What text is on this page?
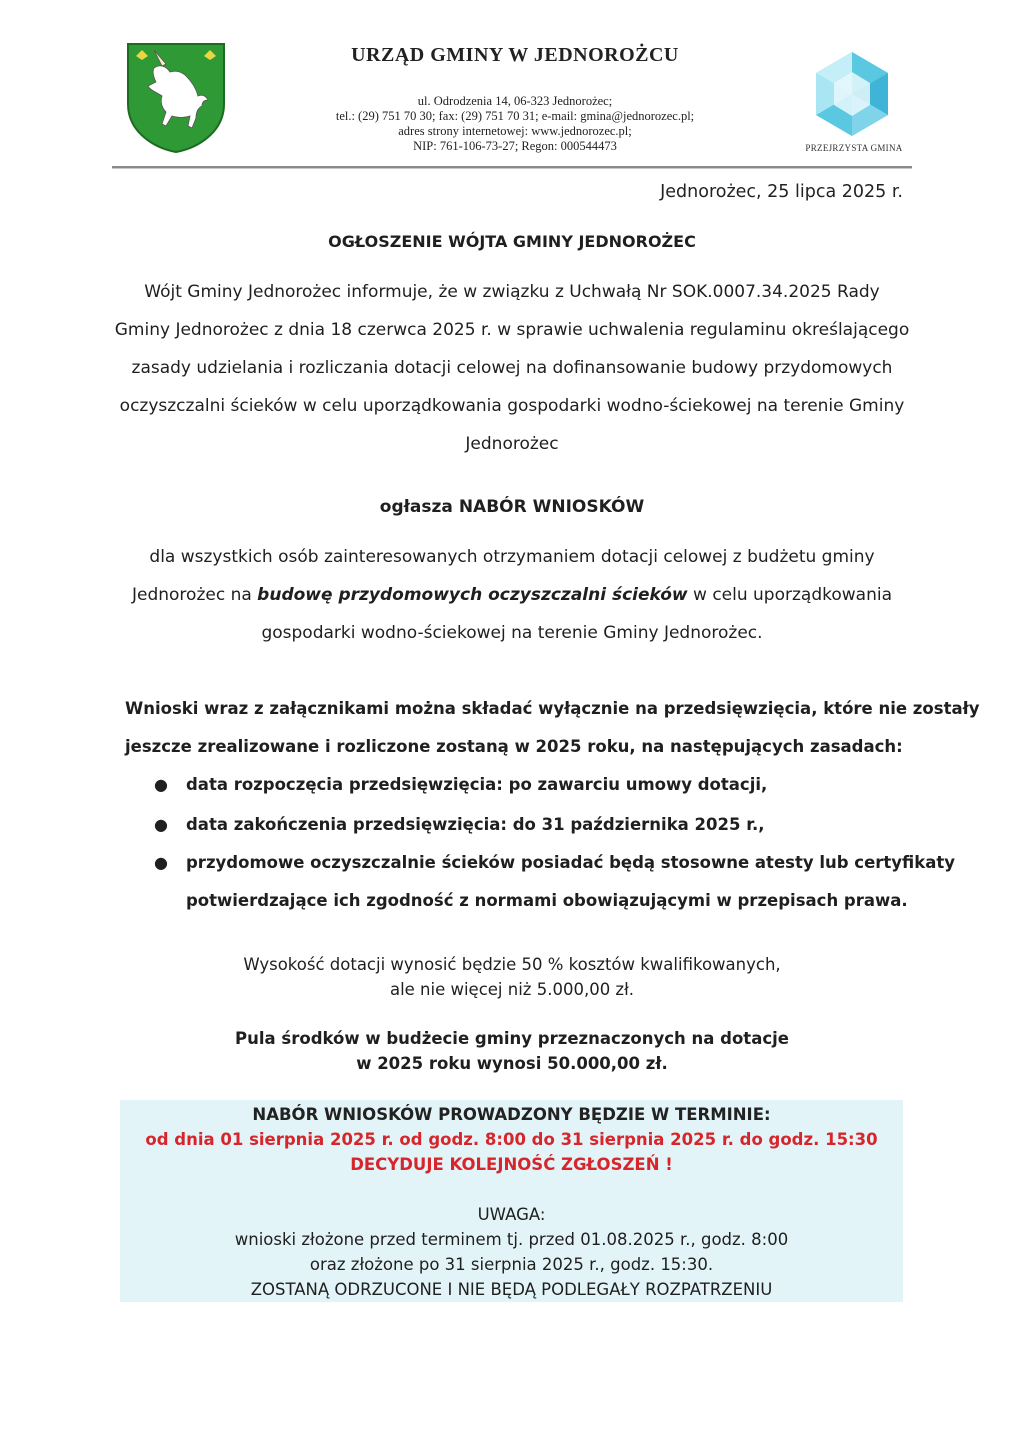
URZĄD GMINY W JEDNOROŻCU
ul. Odrodzenia 14, 06-323 Jednorożec;
tel.: (29) 751 70 30; fax: (29) 751 70 31; e-mail: gmina@jednorozec.pl;
adres strony internetowej: www.jednorozec.pl;
NIP: 761-106-73-27; Regon: 000544473	PRZEJRZYSTA GMINA
Jednorożec, 25 lipca 2025 r.
OGŁOSZENIE WÓJTA GMINY JEDNOROŻEC
Wójt Gminy Jednorożec informuje, że w związku z Uchwałą Nr SOK.0007.34.2025 Rady
Gminy Jednorożec z dnia 18 czerwca 2025 r. w sprawie uchwalenia regulaminu określającego
zasady udzielania i rozliczania dotacji celowej na dofinansowanie budowy przydomowych
oczyszczalni ścieków w celu uporządkowania gospodarki wodno-ściekowej na terenie Gminy
Jednorożec
ogłasza NABÓR WNIOSKÓW
dla wszystkich osób zainteresowanych otrzymaniem dotacji celowej z budżetu gminy
Jednorożec na budowę przydomowych oczyszczalni ścieków w celu uporządkowania
gospodarki wodno-ściekowej na terenie Gminy Jednorożec.
Wnioski wraz z załącznikami można składać wyłącznie na przedsięwzięcia, które nie zostały
jeszcze zrealizowane i rozliczone zostaną w 2025 roku, na następujących zasadach:
● data rozpoczęcia przedsięwzięcia: po zawarciu umowy dotacji,
● data zakończenia przedsięwzięcia: do 31 października 2025 r.,
● przydomowe oczyszczalnie ścieków posiadać będą stosowne atesty lub certyfikaty
potwierdzające ich zgodność z normami obowiązującymi w przepisach prawa.
Wysokość dotacji wynosić będzie 50 % kosztów kwalifikowanych,
ale nie więcej niż 5.000,00 zł.
Pula środków w budżecie gminy przeznaczonych na dotacje
w 2025 roku wynosi 50.000,00 zł.
NABÓR WNIOSKÓW PROWADZONY BĘDZIE W TERMINIE:
od dnia 01 sierpnia 2025 r. od godz. 8:00 do 31 sierpnia 2025 r. do godz. 15:30
DECYDUJE KOLEJNOŚĆ ZGŁOSZEŃ !
UWAGA:
wnioski złożone przed terminem tj. przed 01.08.2025 r., godz. 8:00
oraz złożone po 31 sierpnia 2025 r., godz. 15:30.
ZOSTANĄ ODRZUCONE I NIE BĘDĄ PODLEGAŁY ROZPATRZENIU
